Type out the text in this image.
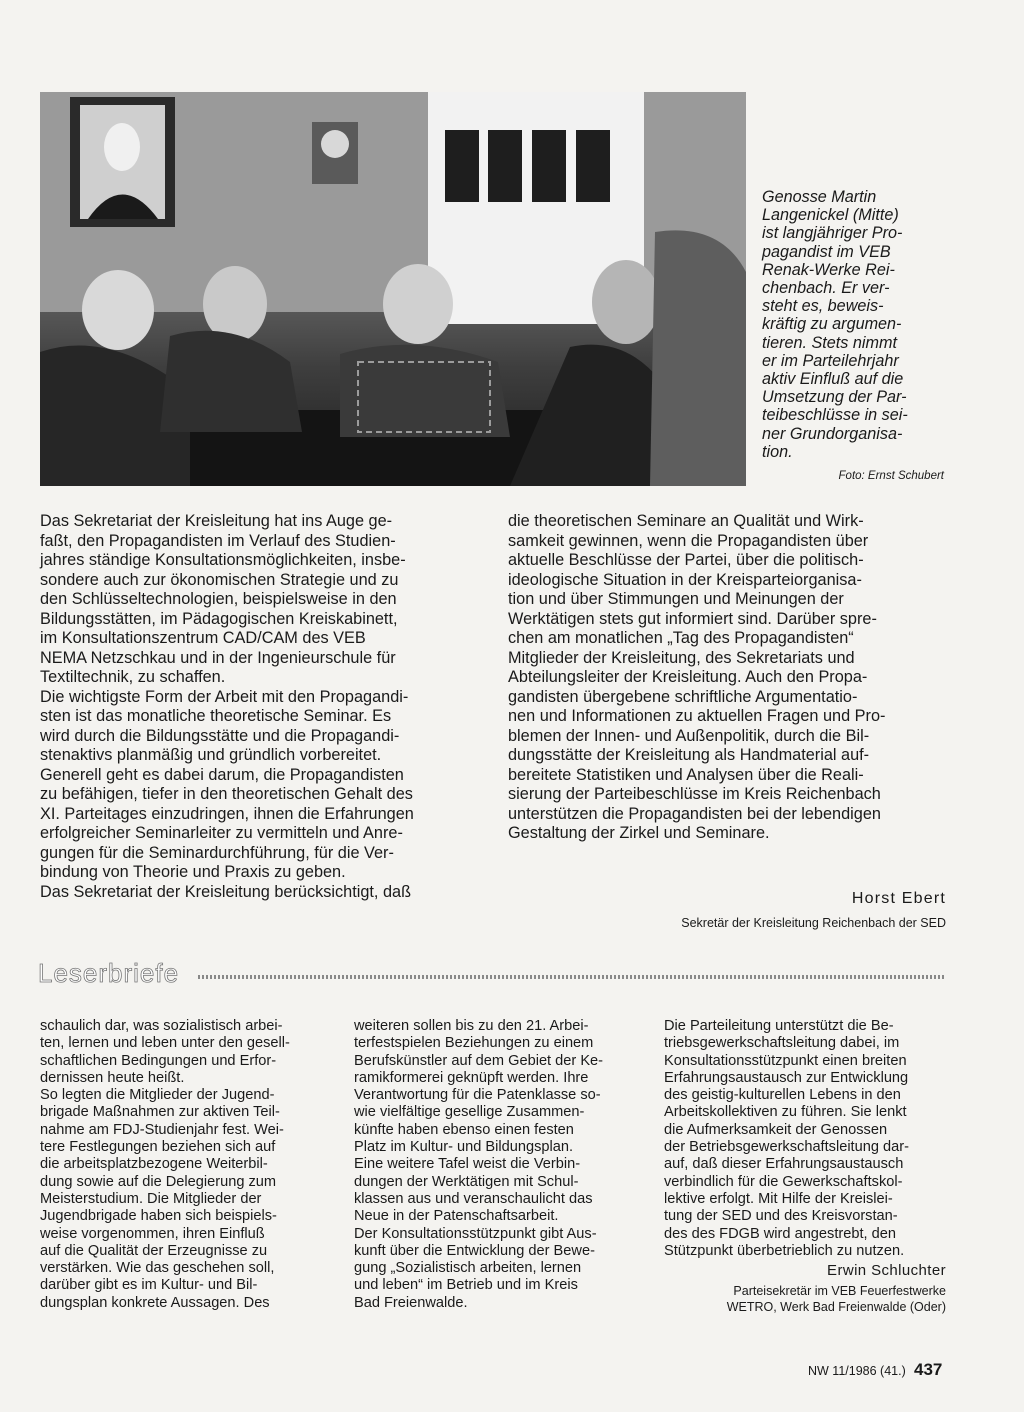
Genosse Martin
Langenickel (Mitte)
ist langjähriger Pro-
pagandist im VEB
Renak-Werke Rei-
chenbach. Er ver-
steht es, beweis-
kräftig zu argumen-
tieren. Stets nimmt
er im Parteilehrjahr
aktiv Einfluß auf die
Umsetzung der Par-
teibeschlüsse in sei-
ner Grundorganisa-
tion.
Foto: Ernst Schubert
Das Sekretariat der Kreisleitung hat ins Auge ge-
faßt, den Propagandisten im Verlauf des Studien-
jahres ständige Konsultationsmöglichkeiten, insbe-
sondere auch zur ökonomischen Strategie und zu
den Schlüsseltechnologien, beispielsweise in den
Bildungsstätten, im Pädagogischen Kreiskabinett,
im Konsultationszentrum CAD/CAM des VEB
NEMA Netzschkau und in der Ingenieurschule für
Textiltechnik, zu schaffen.
Die wichtigste Form der Arbeit mit den Propagandi-
sten ist das monatliche theoretische Seminar. Es
wird durch die Bildungsstätte und die Propagandi-
stenaktivs planmäßig und gründlich vorbereitet.
Generell geht es dabei darum, die Propagandisten
zu befähigen, tiefer in den theoretischen Gehalt des
XI. Parteitages einzudringen, ihnen die Erfahrungen
erfolgreicher Seminarleiter zu vermitteln und Anre-
gungen für die Seminardurchführung, für die Ver-
bindung von Theorie und Praxis zu geben.
Das Sekretariat der Kreisleitung berücksichtigt, daß
die theoretischen Seminare an Qualität und Wirk-
samkeit gewinnen, wenn die Propagandisten über
aktuelle Beschlüsse der Partei, über die politisch-
ideologische Situation in der Kreisparteiorganisa-
tion und über Stimmungen und Meinungen der
Werktätigen stets gut informiert sind. Darüber spre-
chen am monatlichen „Tag des Propagandisten“
Mitglieder der Kreisleitung, des Sekretariats und
Abteilungsleiter der Kreisleitung. Auch den Propa-
gandisten übergebene schriftliche Argumentatio-
nen und Informationen zu aktuellen Fragen und Pro-
blemen der Innen- und Außenpolitik, durch die Bil-
dungsstätte der Kreisleitung als Handmaterial auf-
bereitete Statistiken und Analysen über die Reali-
sierung der Parteibeschlüsse im Kreis Reichenbach
unterstützen die Propagandisten bei der lebendigen
Gestaltung der Zirkel und Seminare.
Horst Ebert
Sekretär der Kreisleitung Reichenbach der SED
Leserbriefe
schaulich dar, was sozialistisch arbei-
ten, lernen und leben unter den gesell-
schaftlichen Bedingungen und Erfor-
dernissen heute heißt.
So legten die Mitglieder der Jugend-
brigade Maßnahmen zur aktiven Teil-
nahme am FDJ-Studienjahr fest. Wei-
tere Festlegungen beziehen sich auf
die arbeitsplatzbezogene Weiterbil-
dung sowie auf die Delegierung zum
Meisterstudium. Die Mitglieder der
Jugendbrigade haben sich beispiels-
weise vorgenommen, ihren Einfluß
auf die Qualität der Erzeugnisse zu
verstärken. Wie das geschehen soll,
darüber gibt es im Kultur- und Bil-
dungsplan konkrete Aussagen. Des
weiteren sollen bis zu den 21. Arbei-
terfestspielen Beziehungen zu einem
Berufskünstler auf dem Gebiet der Ke-
ramikformerei geknüpft werden. Ihre
Verantwortung für die Patenklasse so-
wie vielfältige gesellige Zusammen-
künfte haben ebenso einen festen
Platz im Kultur- und Bildungsplan.
Eine weitere Tafel weist die Verbin-
dungen der Werktätigen mit Schul-
klassen aus und veranschaulicht das
Neue in der Patenschaftsarbeit.
Der Konsultationsstützpunkt gibt Aus-
kunft über die Entwicklung der Bewe-
gung „Sozialistisch arbeiten, lernen
und leben“ im Betrieb und im Kreis
Bad Freienwalde.
Die Parteileitung unterstützt die Be-
triebsgewerkschaftsleitung dabei, im
Konsultationsstützpunkt einen breiten
Erfahrungsaustausch zur Entwicklung
des geistig-kulturellen Lebens in den
Arbeitskollektiven zu führen. Sie lenkt
die Aufmerksamkeit der Genossen
der Betriebsgewerkschaftsleitung dar-
auf, daß dieser Erfahrungsaustausch
verbindlich für die Gewerkschaftskol-
lektive erfolgt. Mit Hilfe der Kreislei-
tung der SED und des Kreisvorstan-
des des FDGB wird angestrebt, den
Stützpunkt überbetrieblich zu nutzen.
Erwin Schluchter
Parteisekretär im VEB Feuerfestwerke
WETRO, Werk Bad Freienwalde (Oder)
NW 11/1986 (41.) 437
